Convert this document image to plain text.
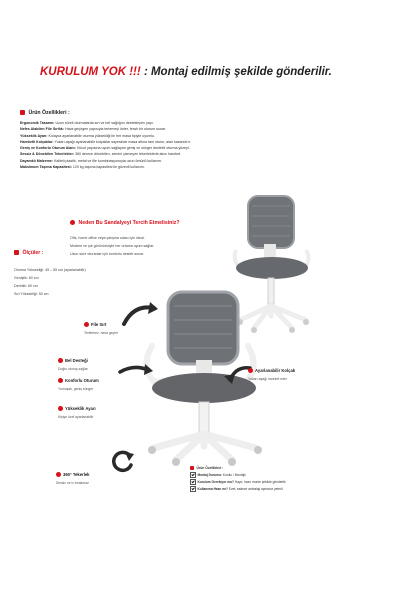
KURULUM YOK !!! : Montaj edilmiş şekilde gönderilir.
Ürün Özellikleri :
Ergonomik Tasarım: Uzun süreli oturmalarda sırt ve bel sağlığını destekleyen yapı.
Nefes Alabilen File Sırtlık: Hava geçirgen yapısıyla terlemeyi önler, ferah bir oturum sunar.
Yükseklik Ayarı: Kolayca ayarlanabilir oturma yüksekliği ile her masa tipiyle uyumlu.
Hareketli Kolçaklar: Yukarı-aşağı ayarlanabilir kolçaklar sayesinde masa altına tam oturur, alan kazandırır.
Geniş ve Konforlu Oturum Alanı: Vücut yapısına uyum sağlayan geniş ve sünger destekli oturma yüzeyi.
Sessiz & Dönebilen Tekerlekler: 360 derece dönebilen, zemini çizmeyen tekerleklerle akıcı hareket.
Dayanıklı Malzeme: Kaliteli plastik, metal ve file kombinasyonuyla uzun ömürlü kullanım.
Maksimum Taşıma Kapasitesi: 120 kg taşıma kapasitesi ile güvenli kullanım.
Neden Bu Sandalyeyi Tercih Etmelisiniz?
Ofis, home office veya çalışma odası için ideal.
Modern ve şık görünümüyle her ortama uyum sağlar.
Uzun süre oturanlar için konforlu destek sunar.
Ölçüler :
Oturma Yüksekliği: 45 – 55 cm (ayarlanabilir)
Genişlik: 60 cm
Derinlik: 60 cm
Sırt Yüksekliği: 50 cm
File Sırt
Terletmez, hava geçirir
Bel Desteği
Doğru oturuş sağlar
Konforlu Oturum
Yumuşak, geniş sünger
Yükseklik Ayarı
Kişiye özel ayarlanabilir
Ayarlanabilir Kolçak
Yukarı-aşağı hareket eder
360° Tekerlek
Sessiz ve iz bırakmaz
Ürün Özellikleri :
Montaj Durumu: Kurulu / Montajlı
Kurulum Gerekiyor mu? Hayır, hazır monte şekilde gönderilir.
Kullanıma Hazır mı? Evet, sadece ambalajı açmanız yeterli.
